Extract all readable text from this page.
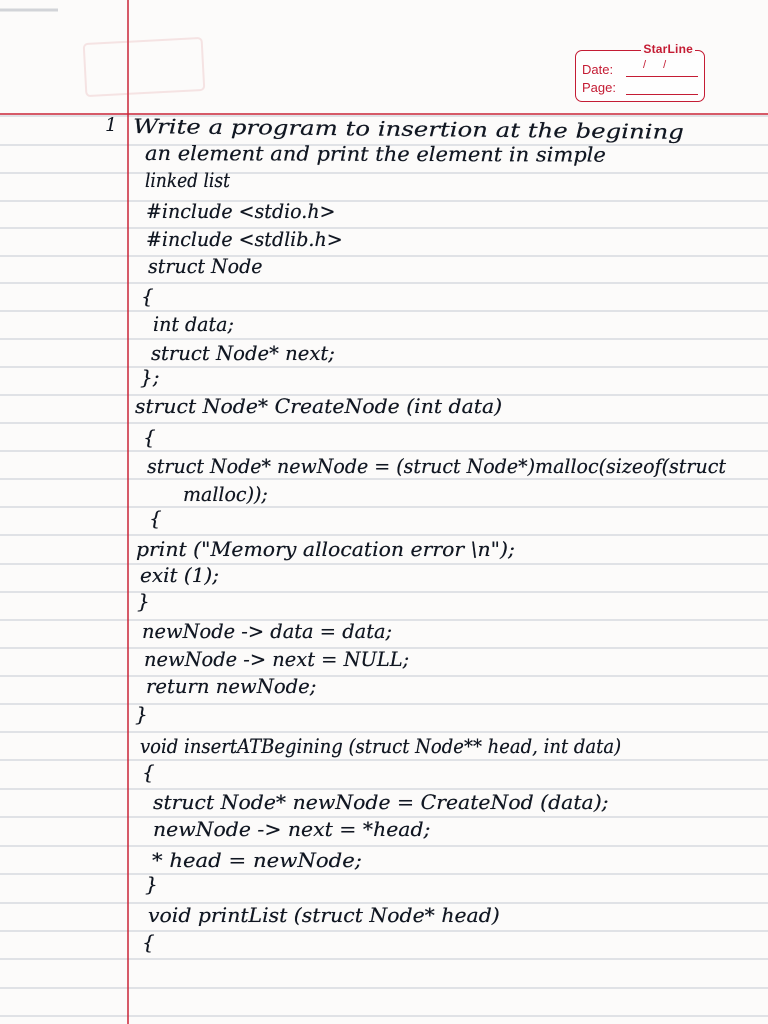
StarLine
Date:	/ /
Page:
1 Write a program to insertion at the begining
an element and print the element in simple
linked list
#include <stdio.h>
#include <stdlib.h>
struct Node
{
int data;
struct Node* next;
};
struct Node* CreateNode (int data)
{
struct Node* newNode = (struct Node*)malloc(sizeof(struct
malloc));
{
print ("Memory allocation error \n");
exit (1);
}
newNode -> data = data;
newNode -> next = NULL;
return newNode;
}
void insertATBegining (struct Node** head, int data)
{
struct Node* newNode = CreateNod (data);
newNode -> next = *head;
* head = newNode;
}
void printList (struct Node* head)
{
